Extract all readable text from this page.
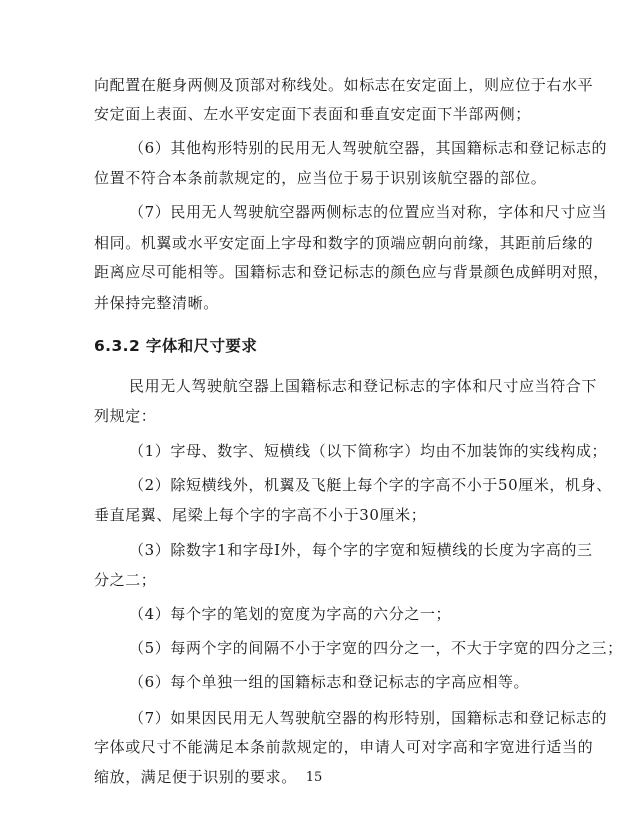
向配置在艇身两侧及顶部对称线处。如标志在安定面上，则应位于右水平
安定面上表面、左水平安定面下表面和垂直安定面下半部两侧；
（6）其他构形特别的民用无人驾驶航空器，其国籍标志和登记标志的
位置不符合本条前款规定的，应当位于易于识别该航空器的部位。
（7）民用无人驾驶航空器两侧标志的位置应当对称，字体和尺寸应当
相同。机翼或水平安定面上字母和数字的顶端应朝向前缘，其距前后缘的
距离应尽可能相等。国籍标志和登记标志的颜色应与背景颜色成鲜明对照，
并保持完整清晰。
6.3.2 字体和尺寸要求
民用无人驾驶航空器上国籍标志和登记标志的字体和尺寸应当符合下
列规定：
（1）字母、数字、短横线（以下简称字）均由不加装饰的实线构成；
（2）除短横线外，机翼及飞艇上每个字的字高不小于50厘米，机身、
垂直尾翼、尾梁上每个字的字高不小于30厘米；
（3）除数字1和字母I外，每个字的字宽和短横线的长度为字高的三
分之二；
（4）每个字的笔划的宽度为字高的六分之一；
（5）每两个字的间隔不小于字宽的四分之一，不大于字宽的四分之三；
（6）每个单独一组的国籍标志和登记标志的字高应相等。
（7）如果因民用无人驾驶航空器的构形特别，国籍标志和登记标志的
字体或尺寸不能满足本条前款规定的，申请人可对字高和字宽进行适当的
缩放，满足便于识别的要求。 15
